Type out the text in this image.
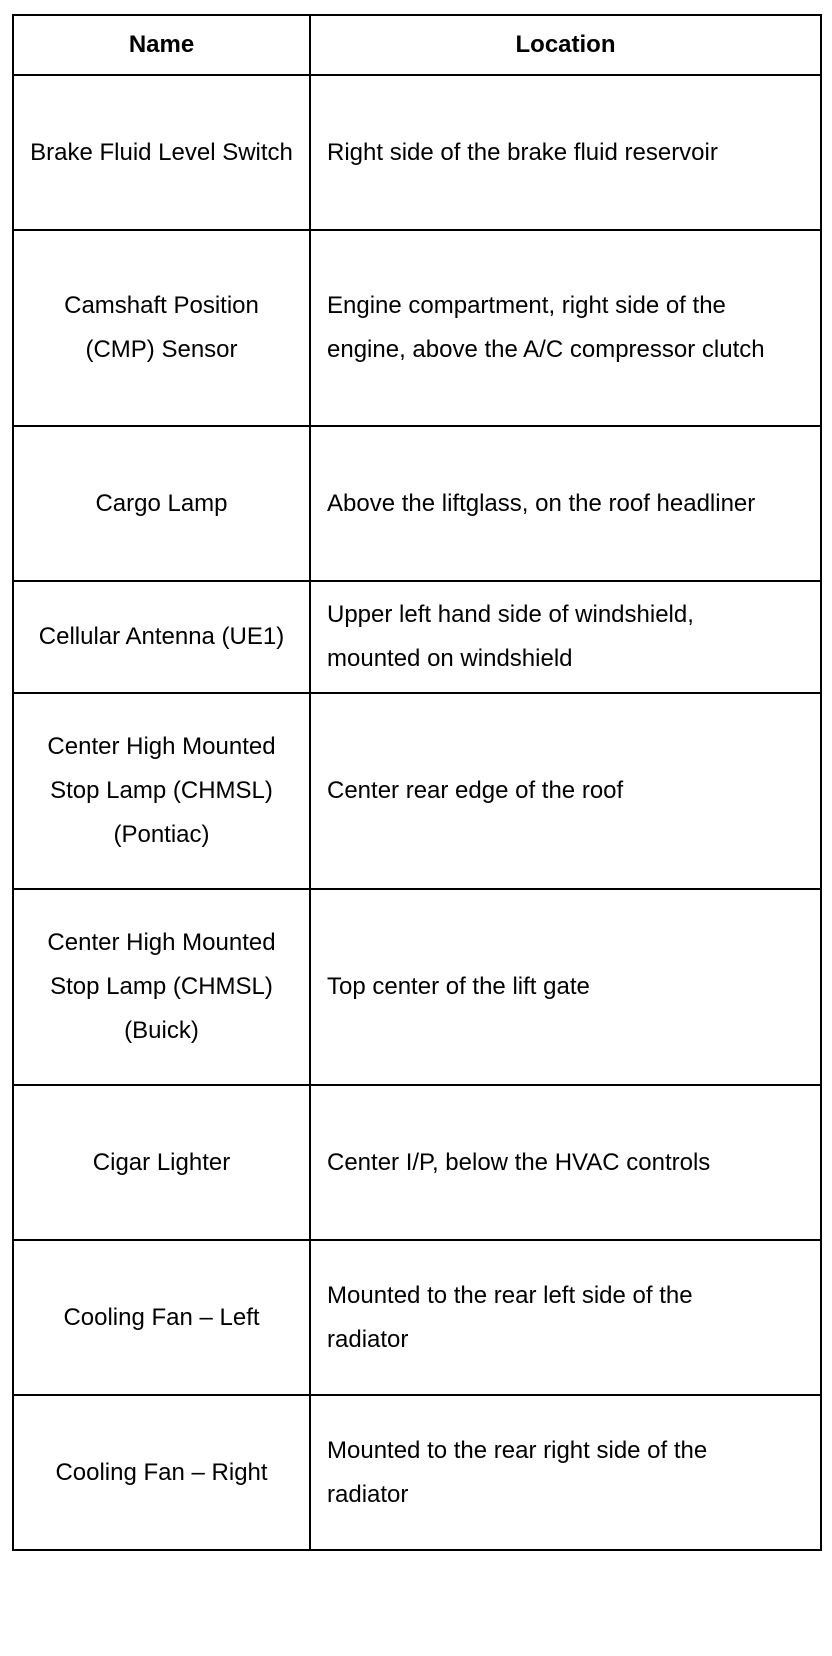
Name	Location
Brake Fluid Level Switch	Right side of the brake fluid reservoir
Camshaft Position (CMP) Sensor	Engine compartment, right side of the engine, above the A/C compressor clutch
Cargo Lamp	Above the liftglass, on the roof headliner
Cellular Antenna (UE1)	Upper left hand side of windshield, mounted on windshield
Center High Mounted Stop Lamp (CHMSL) (Pontiac)	Center rear edge of the roof
Center High Mounted Stop Lamp (CHMSL) (Buick)	Top center of the lift gate
Cigar Lighter	Center I/P, below the HVAC controls
Cooling Fan – Left	Mounted to the rear left side of the radiator
Cooling Fan – Right	Mounted to the rear right side of the radiator
